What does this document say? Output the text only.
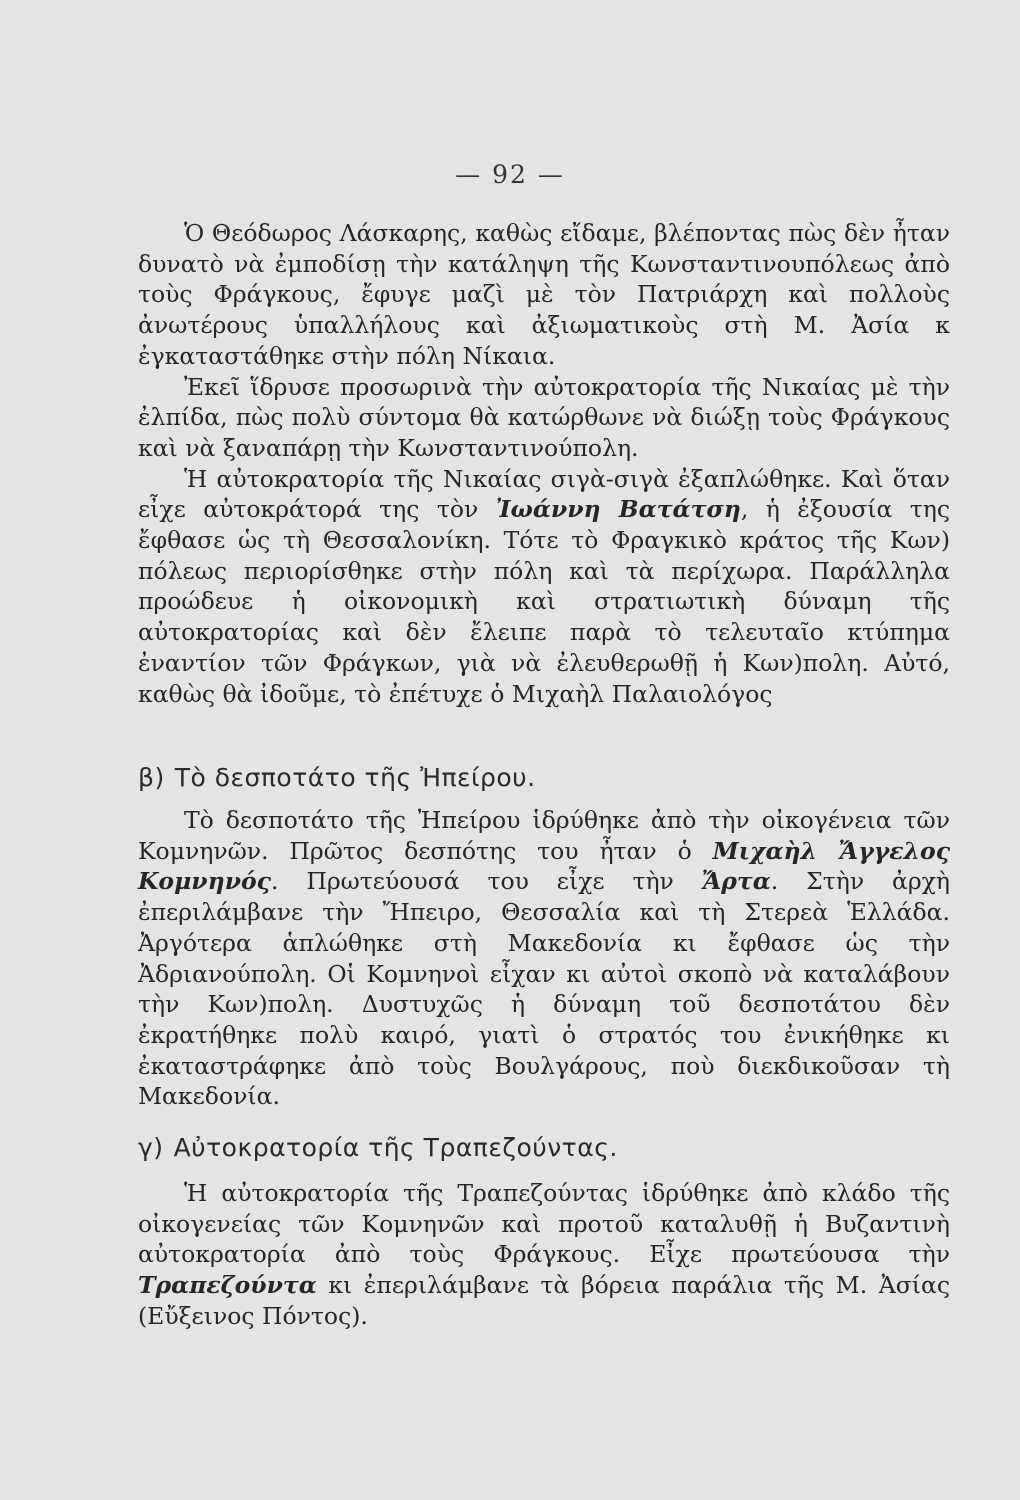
— 92 —

Ὁ Θεόδωρος Λάσκαρης, καθὼς εἴδαμε, βλέποντας πὼς δὲν ἦταν δυνατὸ νὰ ἐμποδίσῃ τὴν κατάληψη τῆς Κωνσταντινουπόλεως ἀπὸ τοὺς Φράγκους, ἔφυγε μαζὶ μὲ τὸν Πατριάρχη καὶ πολλοὺς ἀνωτέρους ὑπαλλήλους καὶ ἀξιωματικοὺς στὴ Μ. Ἀσία κ ἐγκαταστάθηκε στὴν πόλη Νίκαια.

Ἐκεῖ ἵδρυσε προσωρινὰ τὴν αὐτοκρατορία τῆς Νικαίας μὲ τὴν ἐλπίδα, πὼς πολὺ σύντομα θὰ κατώρθωνε νὰ διώξῃ τοὺς Φράγκους καὶ νὰ ξαναπάρῃ τὴν Κωνσταντινούπολη.

Ἡ αὐτοκρατορία τῆς Νικαίας σιγὰ-σιγὰ ἐξαπλώθηκε. Καὶ ὅταν εἶχε αὐτοκράτορά της τὸν Ἰωάννη Βατάτση, ἡ ἐξουσία της ἔφθασε ὡς τὴ Θεσσαλονίκη. Τότε τὸ Φραγκικὸ κράτος τῆς Κων) πόλεως περιορίσθηκε στὴν πόλη καὶ τὰ περίχωρα. Παράλληλα προώδευε ἡ οἰκονομικὴ καὶ στρατιωτικὴ δύναμη τῆς αὐτοκρατορίας καὶ δὲν ἔλειπε παρὰ τὸ τελευταῖο κτύπημα ἐναντίον τῶν Φράγκων, γιὰ νὰ ἐλευθερωθῇ ἡ Κων)πολη. Αὐτό, καθὼς θὰ ἰδοῦμε, τὸ ἐπέτυχε ὁ Μιχαὴλ Παλαιολόγος

β) Τὸ δεσποτάτο τῆς Ἠπείρου.

Τὸ δεσποτάτο τῆς Ἠπείρου ἱδρύθηκε ἀπὸ τὴν οἰκογένεια τῶν Κομνηνῶν. Πρῶτος δεσπότης του ἦταν ὁ Μιχαὴλ Ἄγγελος Κομνηνός. Πρωτεύουσά του εἶχε τὴν Ἄρτα. Στὴν ἀρχὴ ἐπεριλάμβανε τὴν Ἤπειρο, Θεσσαλία καὶ τὴ Στερεὰ Ἑλλάδα. Ἀργότερα ἁπλώθηκε στὴ Μακεδονία κι ἔφθασε ὡς τὴν Ἀδριανούπολη. Οἱ Κομνηνοὶ εἶχαν κι αὐτοὶ σκοπὸ νὰ καταλάβουν τὴν Κων)πολη. Δυστυχῶς ἡ δύναμη τοῦ δεσποτάτου δὲν ἐκρατήθηκε πολὺ καιρό, γιατὶ ὁ στρατός του ἐνικήθηκε κι ἐκαταστράφηκε ἀπὸ τοὺς Βουλγάρους, ποὺ διεκδικοῦσαν τὴ Μακεδονία.

γ) Αὐτοκρατορία τῆς Τραπεζούντας.

Ἡ αὐτοκρατορία τῆς Τραπεζούντας ἱδρύθηκε ἀπὸ κλάδο τῆς οἰκογενείας τῶν Κομνηνῶν καὶ προτοῦ καταλυθῇ ἡ Βυζαντινὴ αὐτοκρατορία ἀπὸ τοὺς Φράγκους. Εἶχε πρωτεύουσα τὴν Τραπεζούντα κι ἐπεριλάμβανε τὰ βόρεια παράλια τῆς Μ. Ἀσίας (Εὔξεινος Πόντος).
